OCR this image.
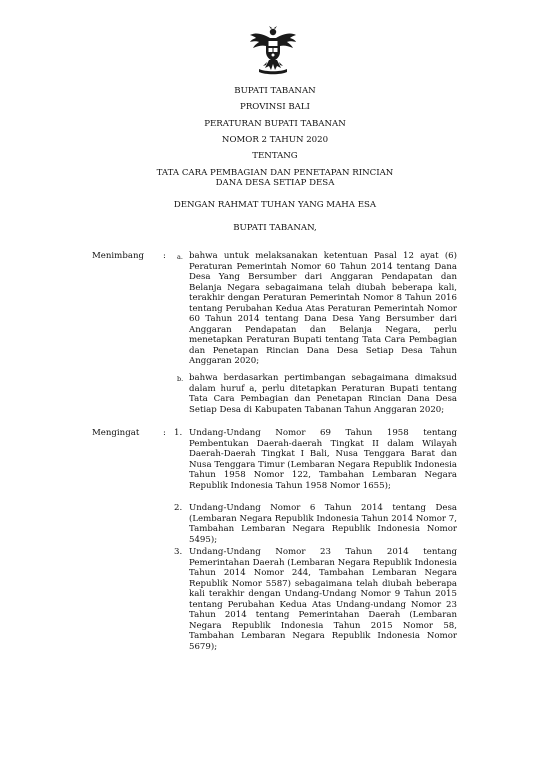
BUPATI TABANAN
PROVINSI BALI
PERATURAN BUPATI TABANAN
NOMOR 2 TAHUN 2020
TENTANG
TATA CARA PEMBAGIAN DAN PENETAPAN RINCIAN
DANA DESA SETIAP DESA
DENGAN RAHMAT TUHAN YANG MAHA ESA
BUPATI TABANAN,
Menimbang : a. bahwa untuk melaksanakan ketentuan Pasal 12 ayat (6) Peraturan Pemerintah Nomor 60 Tahun 2014 tentang Dana Desa Yang Bersumber dari Anggaran Pendapatan dan Belanja Negara sebagaimana telah diubah beberapa kali, terakhir dengan Peraturan Pemerintah Nomor 8 Tahun 2016 tentang Perubahan Kedua Atas Peraturan Pemerintah Nomor 60 Tahun 2014 tentang Dana Desa Yang Bersumber dari Anggaran Pendapatan dan Belanja Negara, perlu menetapkan Peraturan Bupati tentang Tata Cara Pembagian dan Penetapan Rincian Dana Desa Setiap Desa Tahun Anggaran 2020;
b. bahwa berdasarkan pertimbangan sebagaimana dimaksud dalam huruf a, perlu ditetapkan Peraturan Bupati tentang Tata Cara Pembagian dan Penetapan Rincian Dana Desa Setiap Desa di Kabupaten Tabanan Tahun Anggaran 2020;
Mengingat	: 1. Undang-Undang Nomor 69 Tahun 1958 tentang Pembentukan Daerah-daerah Tingkat II dalam Wilayah Daerah-Daerah Tingkat I Bali, Nusa Tenggara Barat dan Nusa Tenggara Timur (Lembaran Negara Republik Indonesia Tahun 1958 Nomor 122, Tambahan Lembaran Negara Republik Indonesia Tahun 1958 Nomor 1655);
2. Undang-Undang Nomor 6 Tahun 2014 tentang Desa (Lembaran Negara Republik Indonesia Tahun 2014 Nomor 7, Tambahan Lembaran Negara Republik Indonesia Nomor 5495);
3. Undang-Undang Nomor 23 Tahun 2014 tentang Pemerintahan Daerah (Lembaran Negara Republik Indonesia Tahun 2014 Nomor 244, Tambahan Lembaran Negara Republik Nomor 5587) sebagaimana telah diubah beberapa kali terakhir dengan Undang-Undang Nomor 9 Tahun 2015 tentang Perubahan Kedua Atas Undang-undang Nomor 23 Tahun 2014 tentang Pemerintahan Daerah (Lembaran Negara Republik Indonesia Tahun 2015 Nomor 58, Tambahan Lembaran Negara Republik Indonesia Nomor 5679);
